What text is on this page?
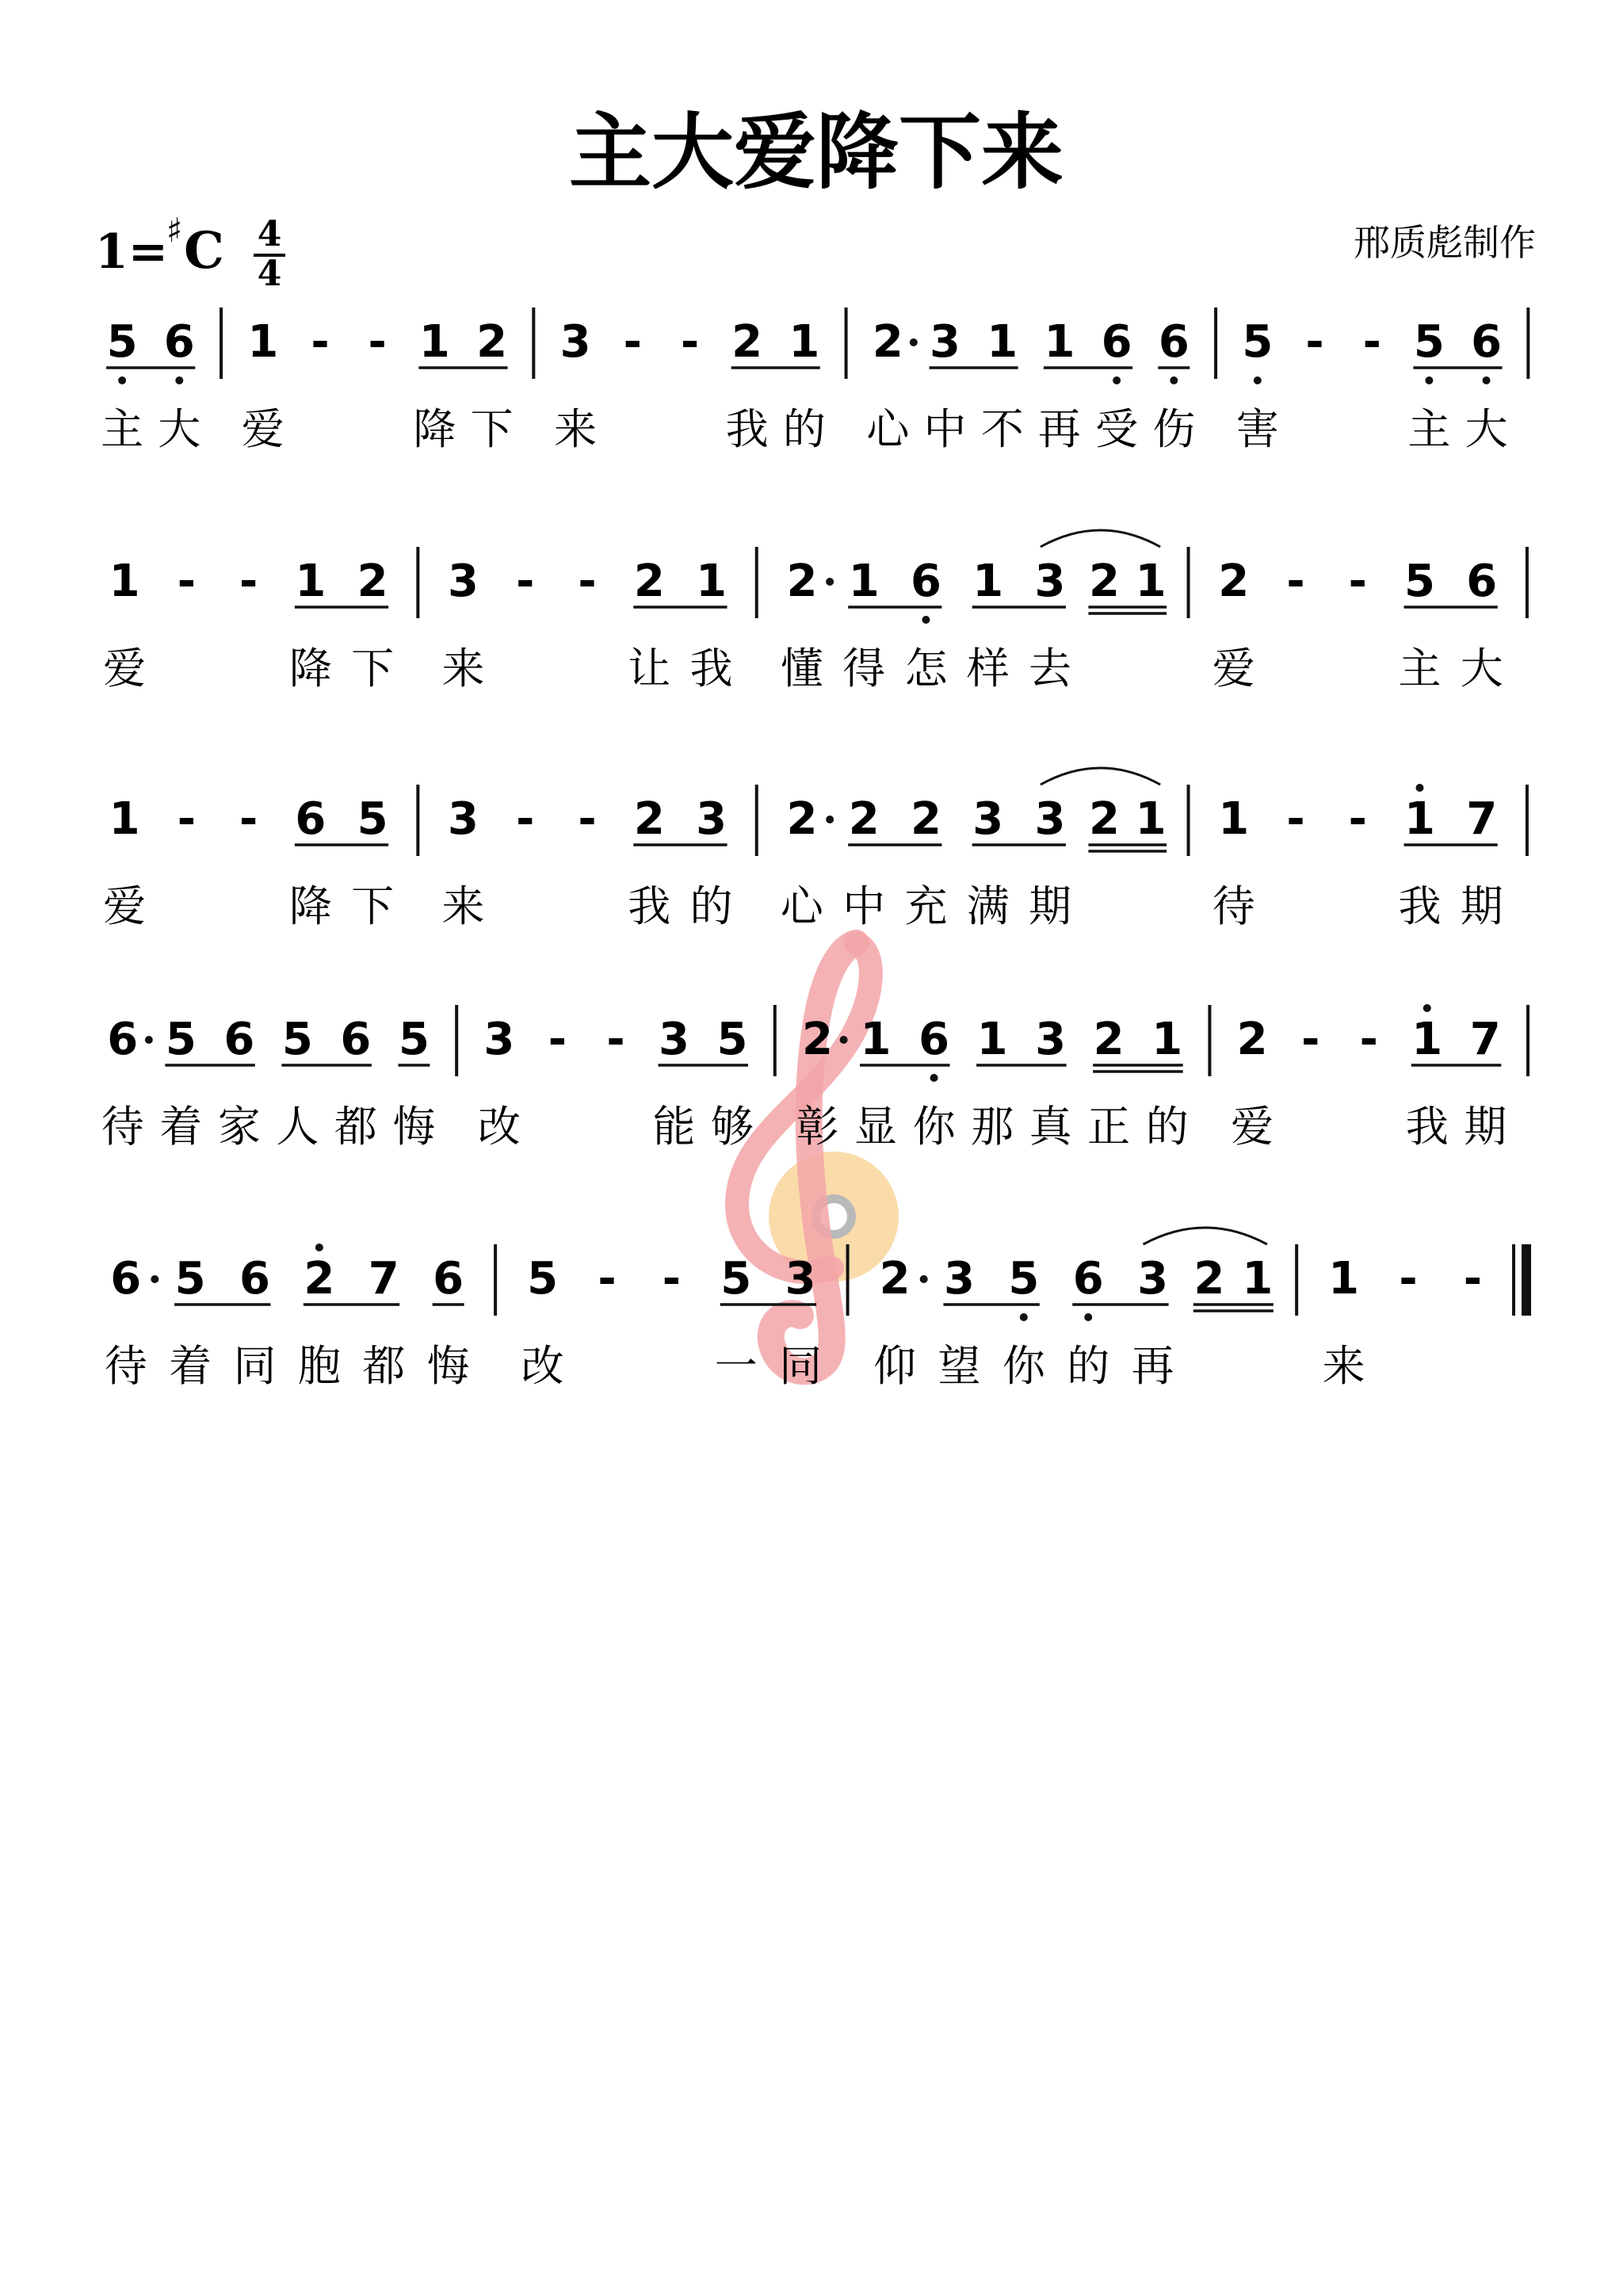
主大爱降下来
1=
♯ C 4
4
邢质彪制作
5
主
6
大
1
爱
- - 1
降
2
下
3
来
- - 2
我
1
的
2
心
3
中
1
不
1
再
6
受
6
伤
5
害
- - 5
主
6
大
1
爱
- - 1
降
2
下
3
来
- - 2
让
1
我
2
懂
1
得
6
怎
1
样
3
去
2 1 2
爱
- - 5
主
6
大
1
爱
- - 6
降
5
下
3
来
- - 2
我
3
的
2
心
2
中
2
充
3
满
3
期
2 1 1
待
- - 1
我
7
期
6
待
5
着
6
家
5
人
6
都
5
悔
3
改
- - 3
能
5
够
2
彰
1
显
6
你
1
那
3
真
2
正
1
的
2
爱
- - 1
我
7
期
6
待
5
着
6
同
2
胞
7
都
6
悔
5
改
- - 5
一
3
同
2
仰
3
望
5
你
6
的
3
再
2 1 1
来
- -
